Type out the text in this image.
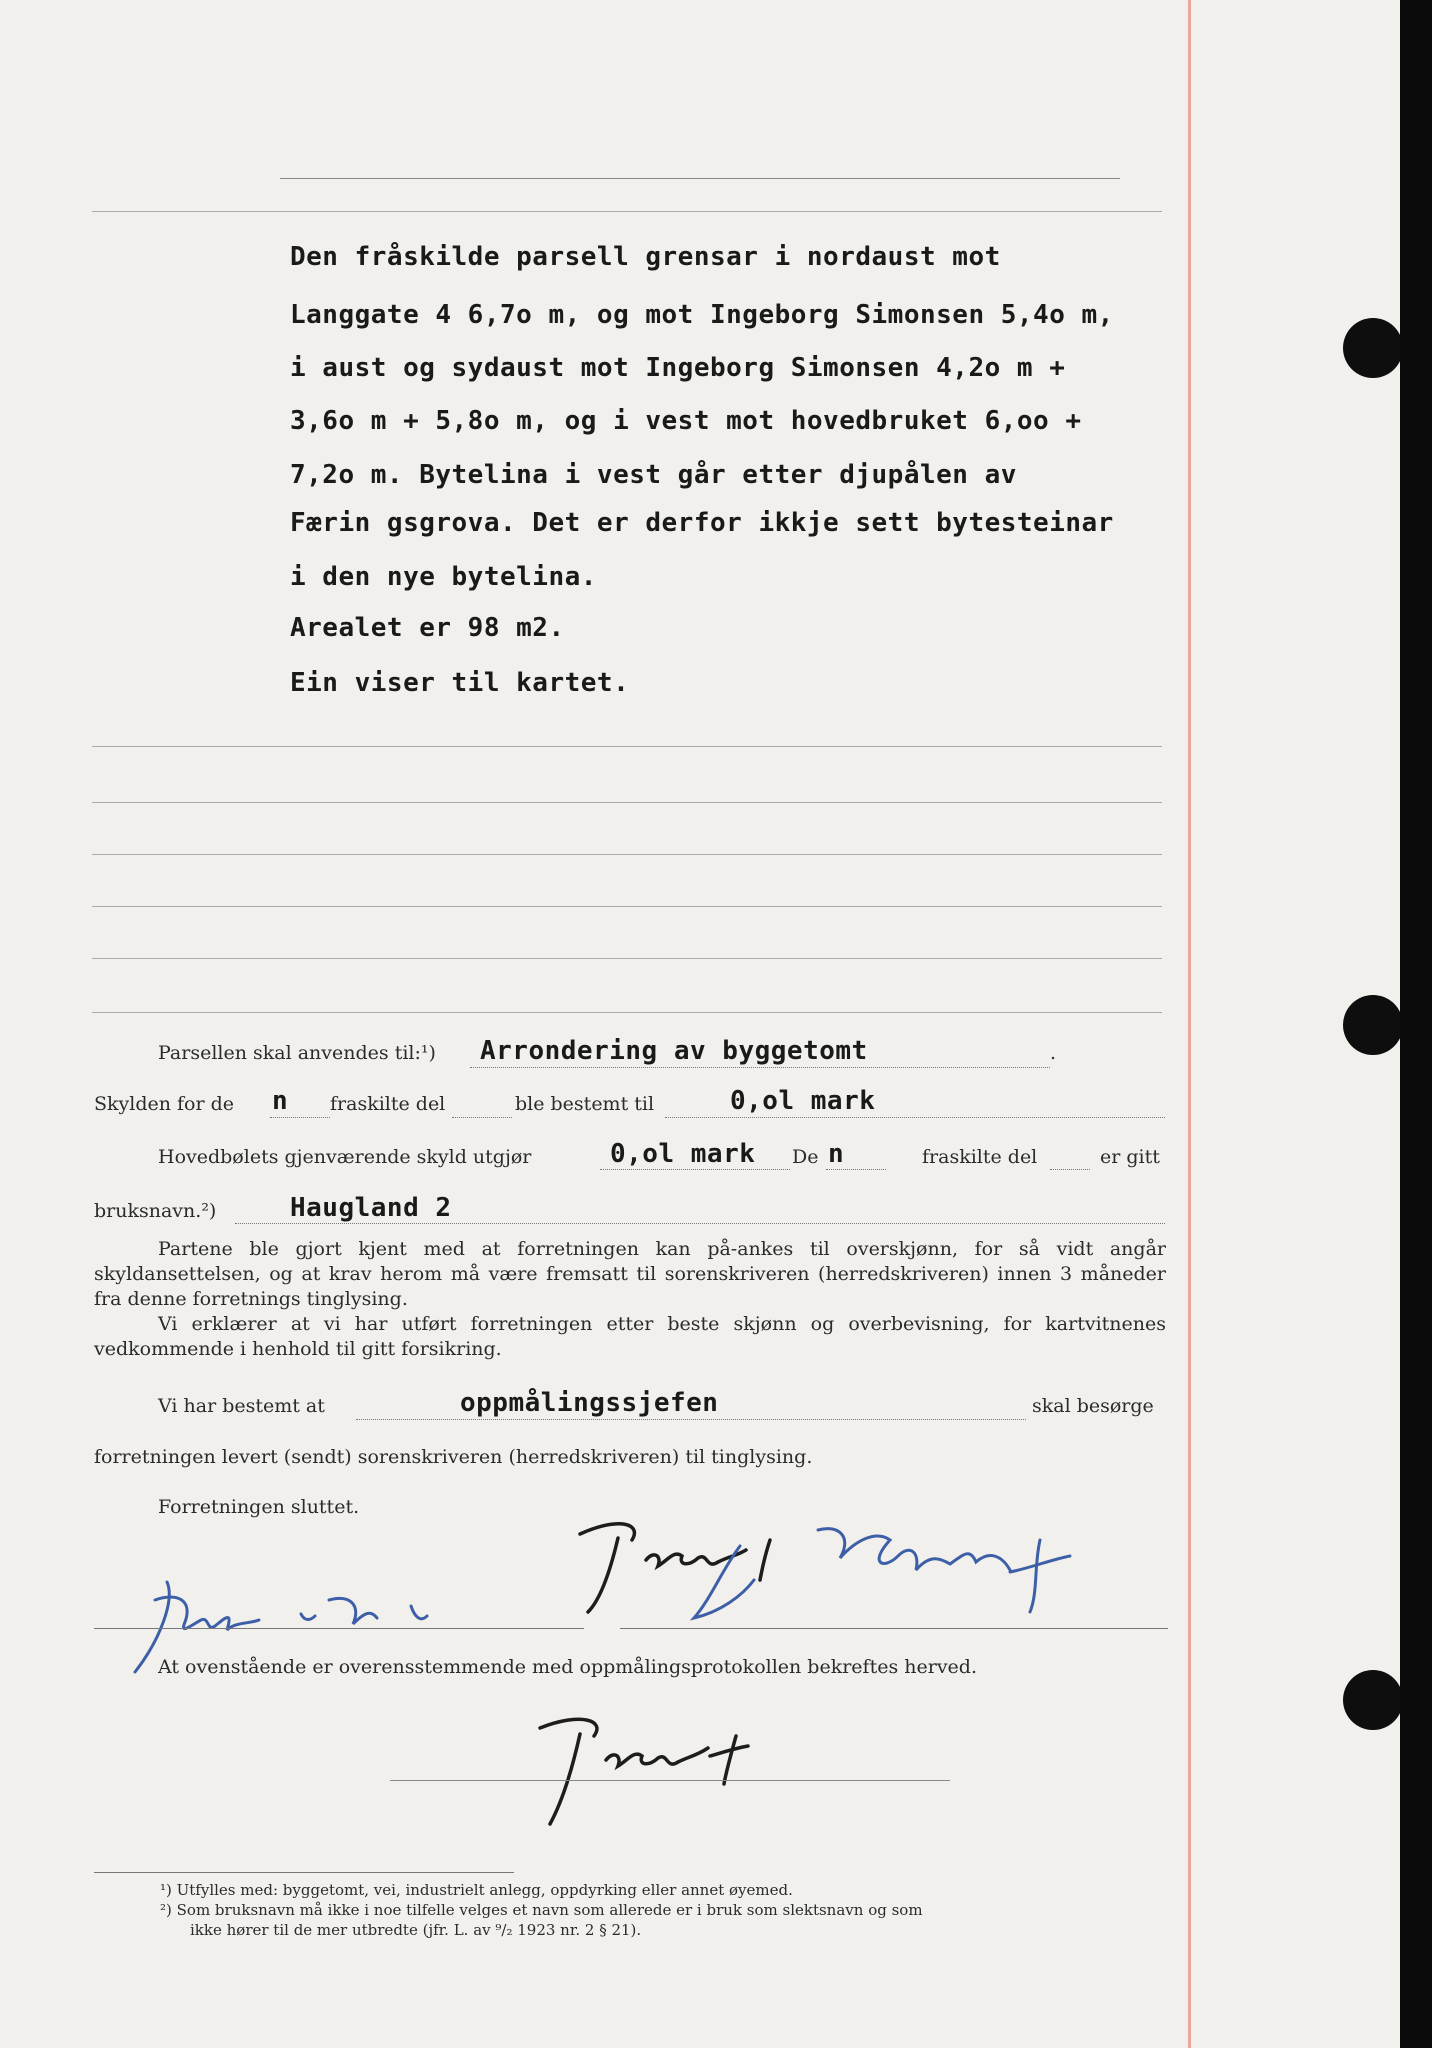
Den fråskilde parsell grensar i nordaust mot
Langgate 4 6,7o m, og mot Ingeborg Simonsen 5,4o m,
i aust og sydaust mot Ingeborg Simonsen 4,2o m +
3,6o m + 5,8o m, og i vest mot hovedbruket 6,oo +
7,2o m. Bytelina i vest går etter djupålen av
Færin gsgrova. Det er derfor ikkje sett bytesteinar
i den nye bytelina.
Arealet er 98 m2.
Ein viser til kartet.
Parsellen skal anvendes til:¹) Arrondering av byggetomt	.
Skylden for de n fraskilte del	ble bestemt til	0,ol mark
Hovedbølets gjenværende skyld utgjør	0,ol mark De n	fraskilte del	er gitt
bruksnavn.²)	Haugland 2
Partene ble gjort kjent med at forretningen kan på-ankes til overskjønn, for så vidt angår skyldansettelsen, og at krav herom må være fremsatt til sorenskriveren (herredskriveren) innen 3 måneder fra denne forretnings tinglysing.
Vi erklærer at vi har utført forretningen etter beste skjønn og overbevisning, for kartvitnenes vedkommende i henhold til gitt forsikring.
Vi har bestemt at	oppmålingssjefen	skal besørge
forretningen levert (sendt) sorenskriveren (herredskriveren) til tinglysing.
Forretningen sluttet.
At ovenstående er overensstemmende med oppmålingsprotokollen bekreftes herved.
¹) Utfylles med: byggetomt, vei, industrielt anlegg, oppdyrking eller annet øyemed.
²) Som bruksnavn må ikke i noe tilfelle velges et navn som allerede er i bruk som slektsnavn og som
ikke hører til de mer utbredte (jfr. L. av ⁹/₂ 1923 nr. 2 § 21).
